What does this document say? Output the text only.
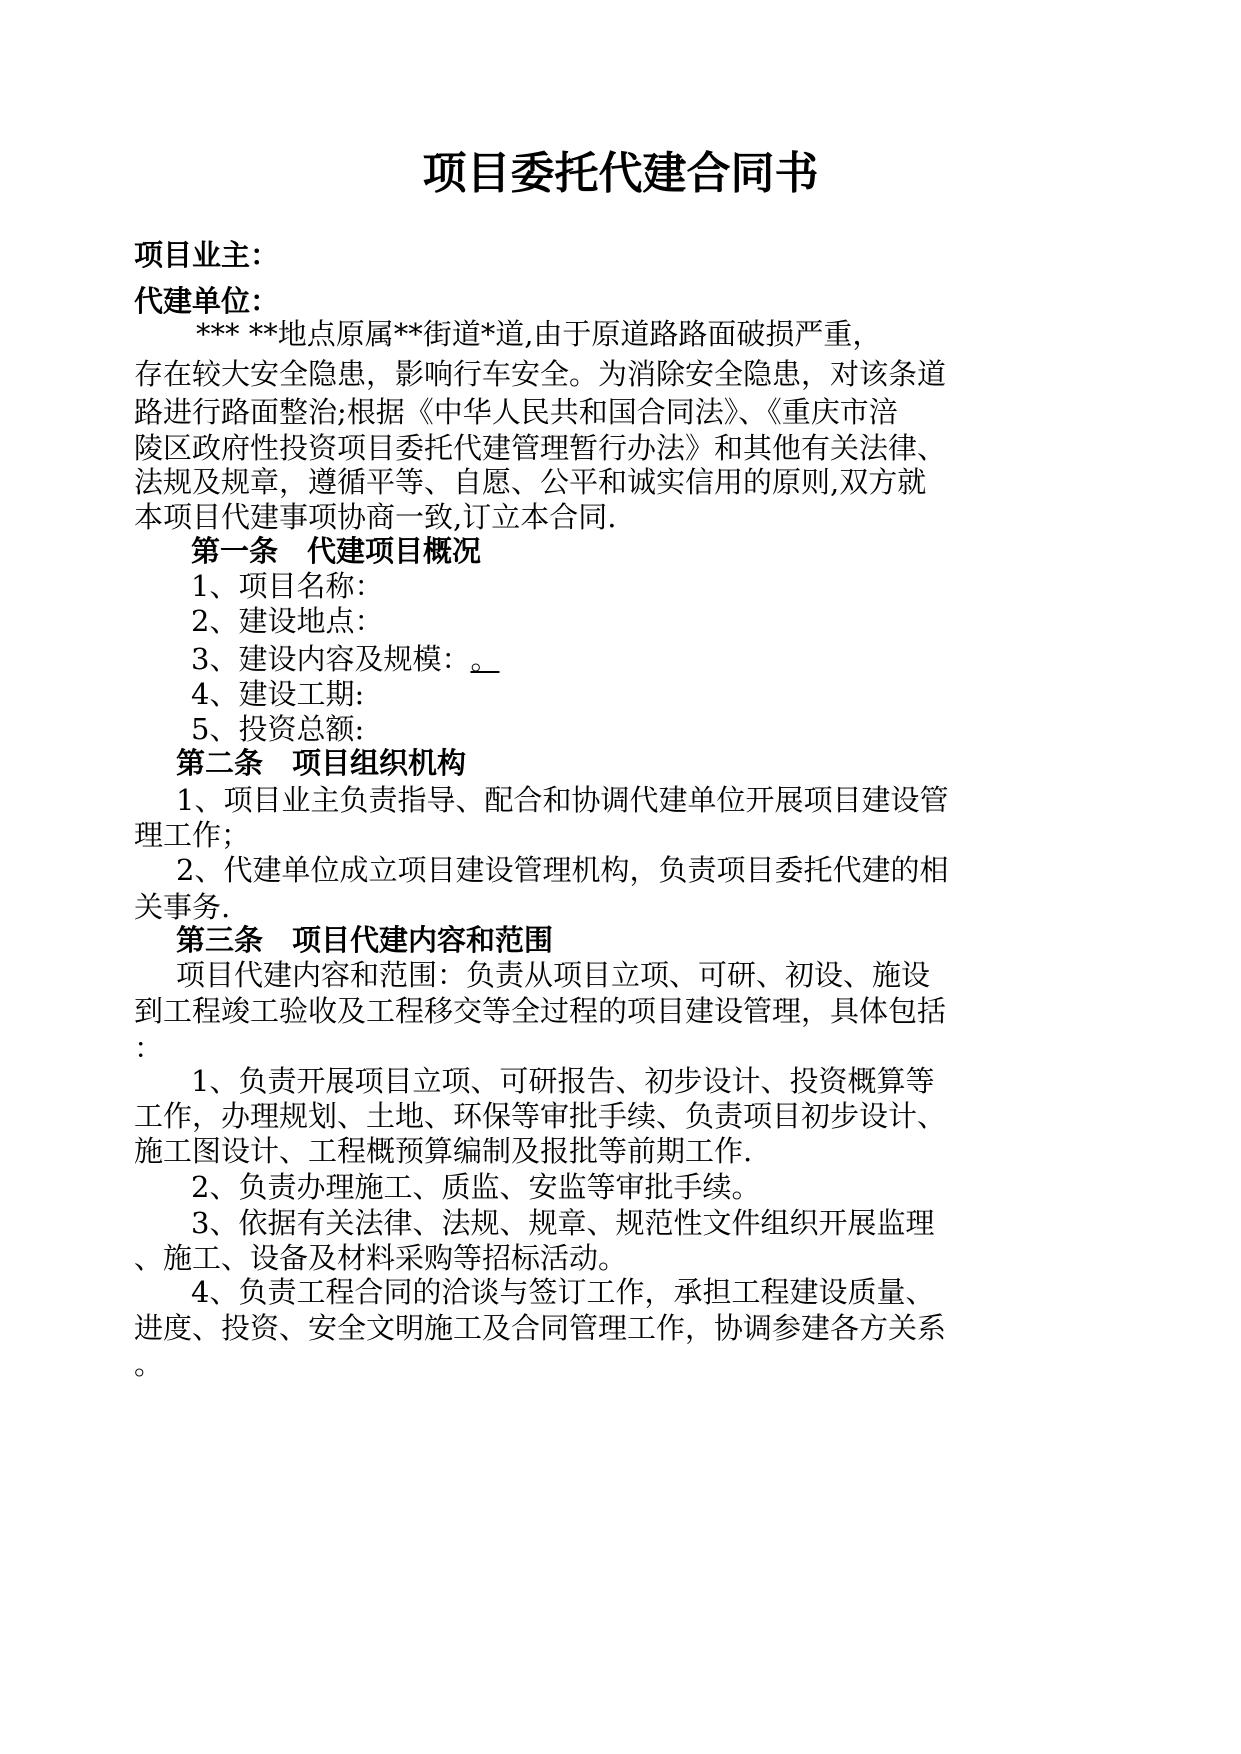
项目委托代建合同书
项目业主：
代建单位：
*** **地点原属**街道*道,由于原道路路面破损严重，
存在较大安全隐患，影响行车安全。为消除安全隐患，对该条道
路进行路面整治;根据《中华人民共和国合同法》、《重庆市涪
陵区政府性投资项目委托代建管理暂行办法》和其他有关法律、
法规及规章，遵循平等、自愿、公平和诚实信用的原则,双方就
本项目代建事项协商一致,订立本合同.
第一条　代建项目概况
1、项目名称：
2、建设地点：
3、建设内容及规模：。
4、建设工期:
5、投资总额:
第二条　项目组织机构
1、项目业主负责指导、配合和协调代建单位开展项目建设管
理工作；
2、代建单位成立项目建设管理机构，负责项目委托代建的相
关事务.
第三条　项目代建内容和范围
项目代建内容和范围：负责从项目立项、可研、初设、施设
到工程竣工验收及工程移交等全过程的项目建设管理，具体包括
：
1、负责开展项目立项、可研报告、初步设计、投资概算等
工作，办理规划、土地、环保等审批手续、负责项目初步设计、
施工图设计、工程概预算编制及报批等前期工作.
2、负责办理施工、质监、安监等审批手续。
3、依据有关法律、法规、规章、规范性文件组织开展监理
、施工、设备及材料采购等招标活动。
4、负责工程合同的洽谈与签订工作，承担工程建设质量、
进度、投资、安全文明施工及合同管理工作，协调参建各方关系
。
